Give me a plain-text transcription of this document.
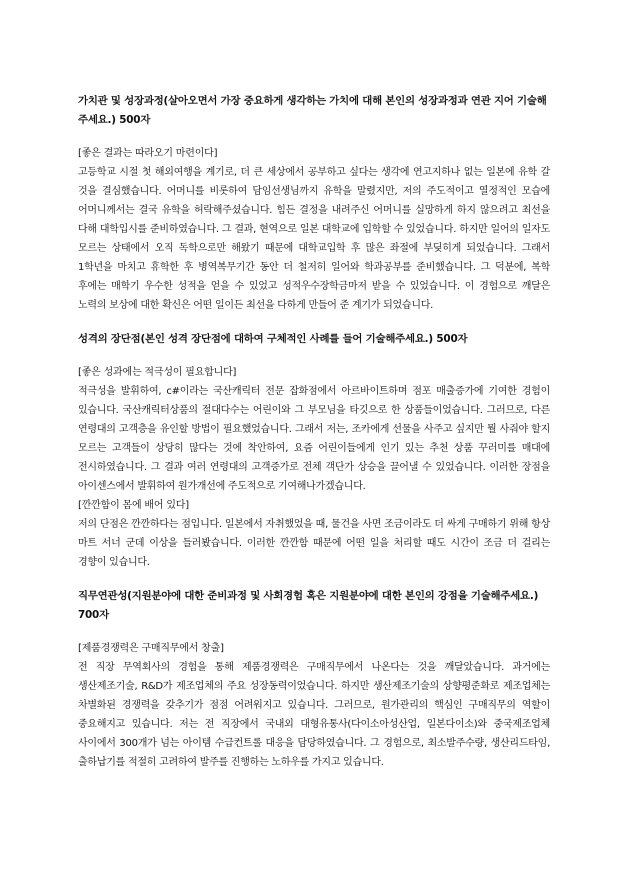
가치관 및 성장과정(살아오면서 가장 중요하게 생각하는 가치에 대해 본인의 성장과정과 연관 지어 기술해주세요.) 500자

[좋은 결과는 따라오기 마련이다]

고등학교 시절 첫 해외여행을 계기로, 더 큰 세상에서 공부하고 싶다는 생각에 연고지하나 없는 일본에 유학 갈 것을 결심했습니다. 어머니를 비롯하여 담임선생님까지 유학을 말렸지만, 저의 주도적이고 열정적인 모습에 어머니께서는 결국 유학을 허락해주셨습니다. 힘든 결정을 내려주신 어머니를 실망하게 하지 않으려고 최선을 다해 대학입시를 준비하였습니다. 그 결과, 현역으로 일본 대학교에 입학할 수 있었습니다. 하지만 일어의 일자도 모르는 상태에서 오직 독학으로만 해왔기 때문에 대학교입학 후 많은 좌절에 부딪히게 되었습니다. 그래서 1학년을 마치고 휴학한 후 병역복무기간 동안 더 철저히 일어와 학과공부를 준비했습니다. 그 덕분에, 복학 후에는 매학기 우수한 성적을 얻을 수 있었고 성적우수장학금마저 받을 수 있었습니다. 이 경험으로 깨달은 노력의 보상에 대한 확신은 어떤 일이든 최선을 다하게 만들어 준 계기가 되었습니다.

성격의 장단점(본인 성격 장단점에 대하여 구체적인 사례를 들어 기술해주세요.) 500자

[좋은 성과에는 적극성이 필요합니다]

적극성을 발휘하여, c#이라는 국산캐릭터 전문 잡화점에서 아르바이트하며 점포 매출증가에 기여한 경험이 있습니다. 국산캐릭터상품의 절대다수는 어린이와 그 부모님을 타깃으로 한 상품들이었습니다. 그러므로, 다른 연령대의 고객층을 유인할 방법이 필요했었습니다. 그래서 저는, 조카에게 선물을 사주고 싶지만 뭘 사줘야 할지 모르는 고객들이 상당히 많다는 것에 착안하여, 요즘 어린이들에게 인기 있는 추천 상품 꾸러미를 매대에 전시하였습니다. 그 결과 여러 연령대의 고객증가로 전체 객단가 상승을 끌어낼 수 있었습니다. 이러한 장점을 아이센스에서 발휘하여 원가개선에 주도적으로 기여해나가겠습니다.

[깐깐함이 몸에 배어 있다]

저의 단점은 깐깐하다는 점입니다. 일본에서 자취했었을 때, 물건을 사면 조금이라도 더 싸게 구매하기 위해 항상 마트 서너 군데 이상을 들러봤습니다. 이러한 깐깐함 때문에 어떤 일을 처리할 때도 시간이 조금 더 걸리는 경향이 있습니다.

직무연관성(지원분야에 대한 준비과정 및 사회경험 혹은 지원분야에 대한 본인의 강점을 기술해주세요.) 700자

[제품경쟁력은 구매직무에서 창출]

전 직장 무역회사의 경험을 통해 제품경쟁력은 구매직무에서 나온다는 것을 깨달았습니다. 과거에는 생산제조기술, R&D가 제조업체의 주요 성장동력이었습니다. 하지만 생산제조기술의 상향평준화로 제조업체는 차별화된 경쟁력을 갖추기가 점점 어려워지고 있습니다. 그러므로, 원가관리의 핵심인 구매직무의 역할이 중요해지고 있습니다. 저는 전 직장에서 국내외 대형유통사(다이소아성산업, 일본다이소)와 중국제조업체 사이에서 300개가 넘는 아이템 수급컨트롤 대응을 담당하였습니다. 그 경험으로, 최소발주수량, 생산리드타임, 출하납기를 적절히 고려하여 발주를 진행하는 노하우를 가지고 있습니다.
